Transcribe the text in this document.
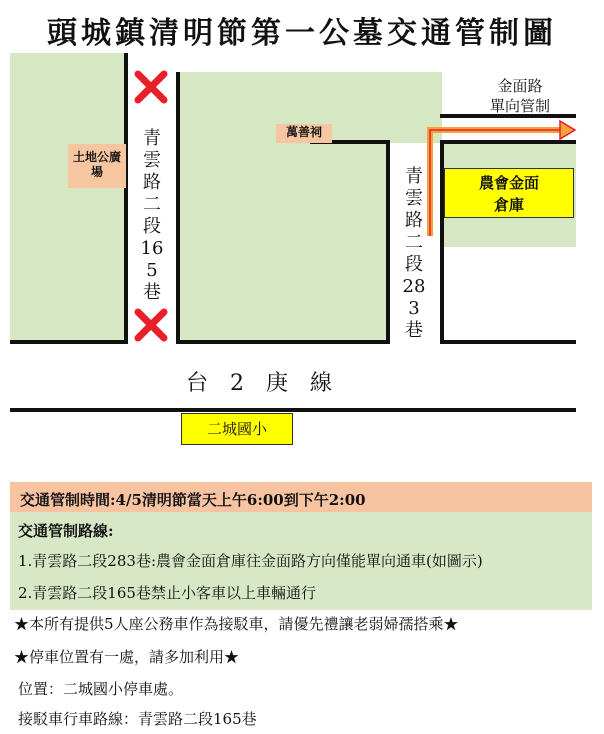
頭城鎮清明節第一公墓交通管制圖
土地公廣場
萬善祠
青雲路二段165巷
青雲路二段283巷
金面路
單向管制
農會金面
倉庫
台　2　庚　線
二城國小
交通管制時間:4/5清明節當天上午6:00到下午2:00
交通管制路線:
1.青雲路二段283巷:農會金面倉庫往金面路方向僅能單向通車(如圖示)
2.青雲路二段165巷禁止小客車以上車輛通行
★本所有提供5人座公務車作為接駁車，請優先禮讓老弱婦孺搭乘★
★停車位置有一處，請多加利用★
位置：二城國小停車處。
接駁車行車路線：青雲路二段165巷
